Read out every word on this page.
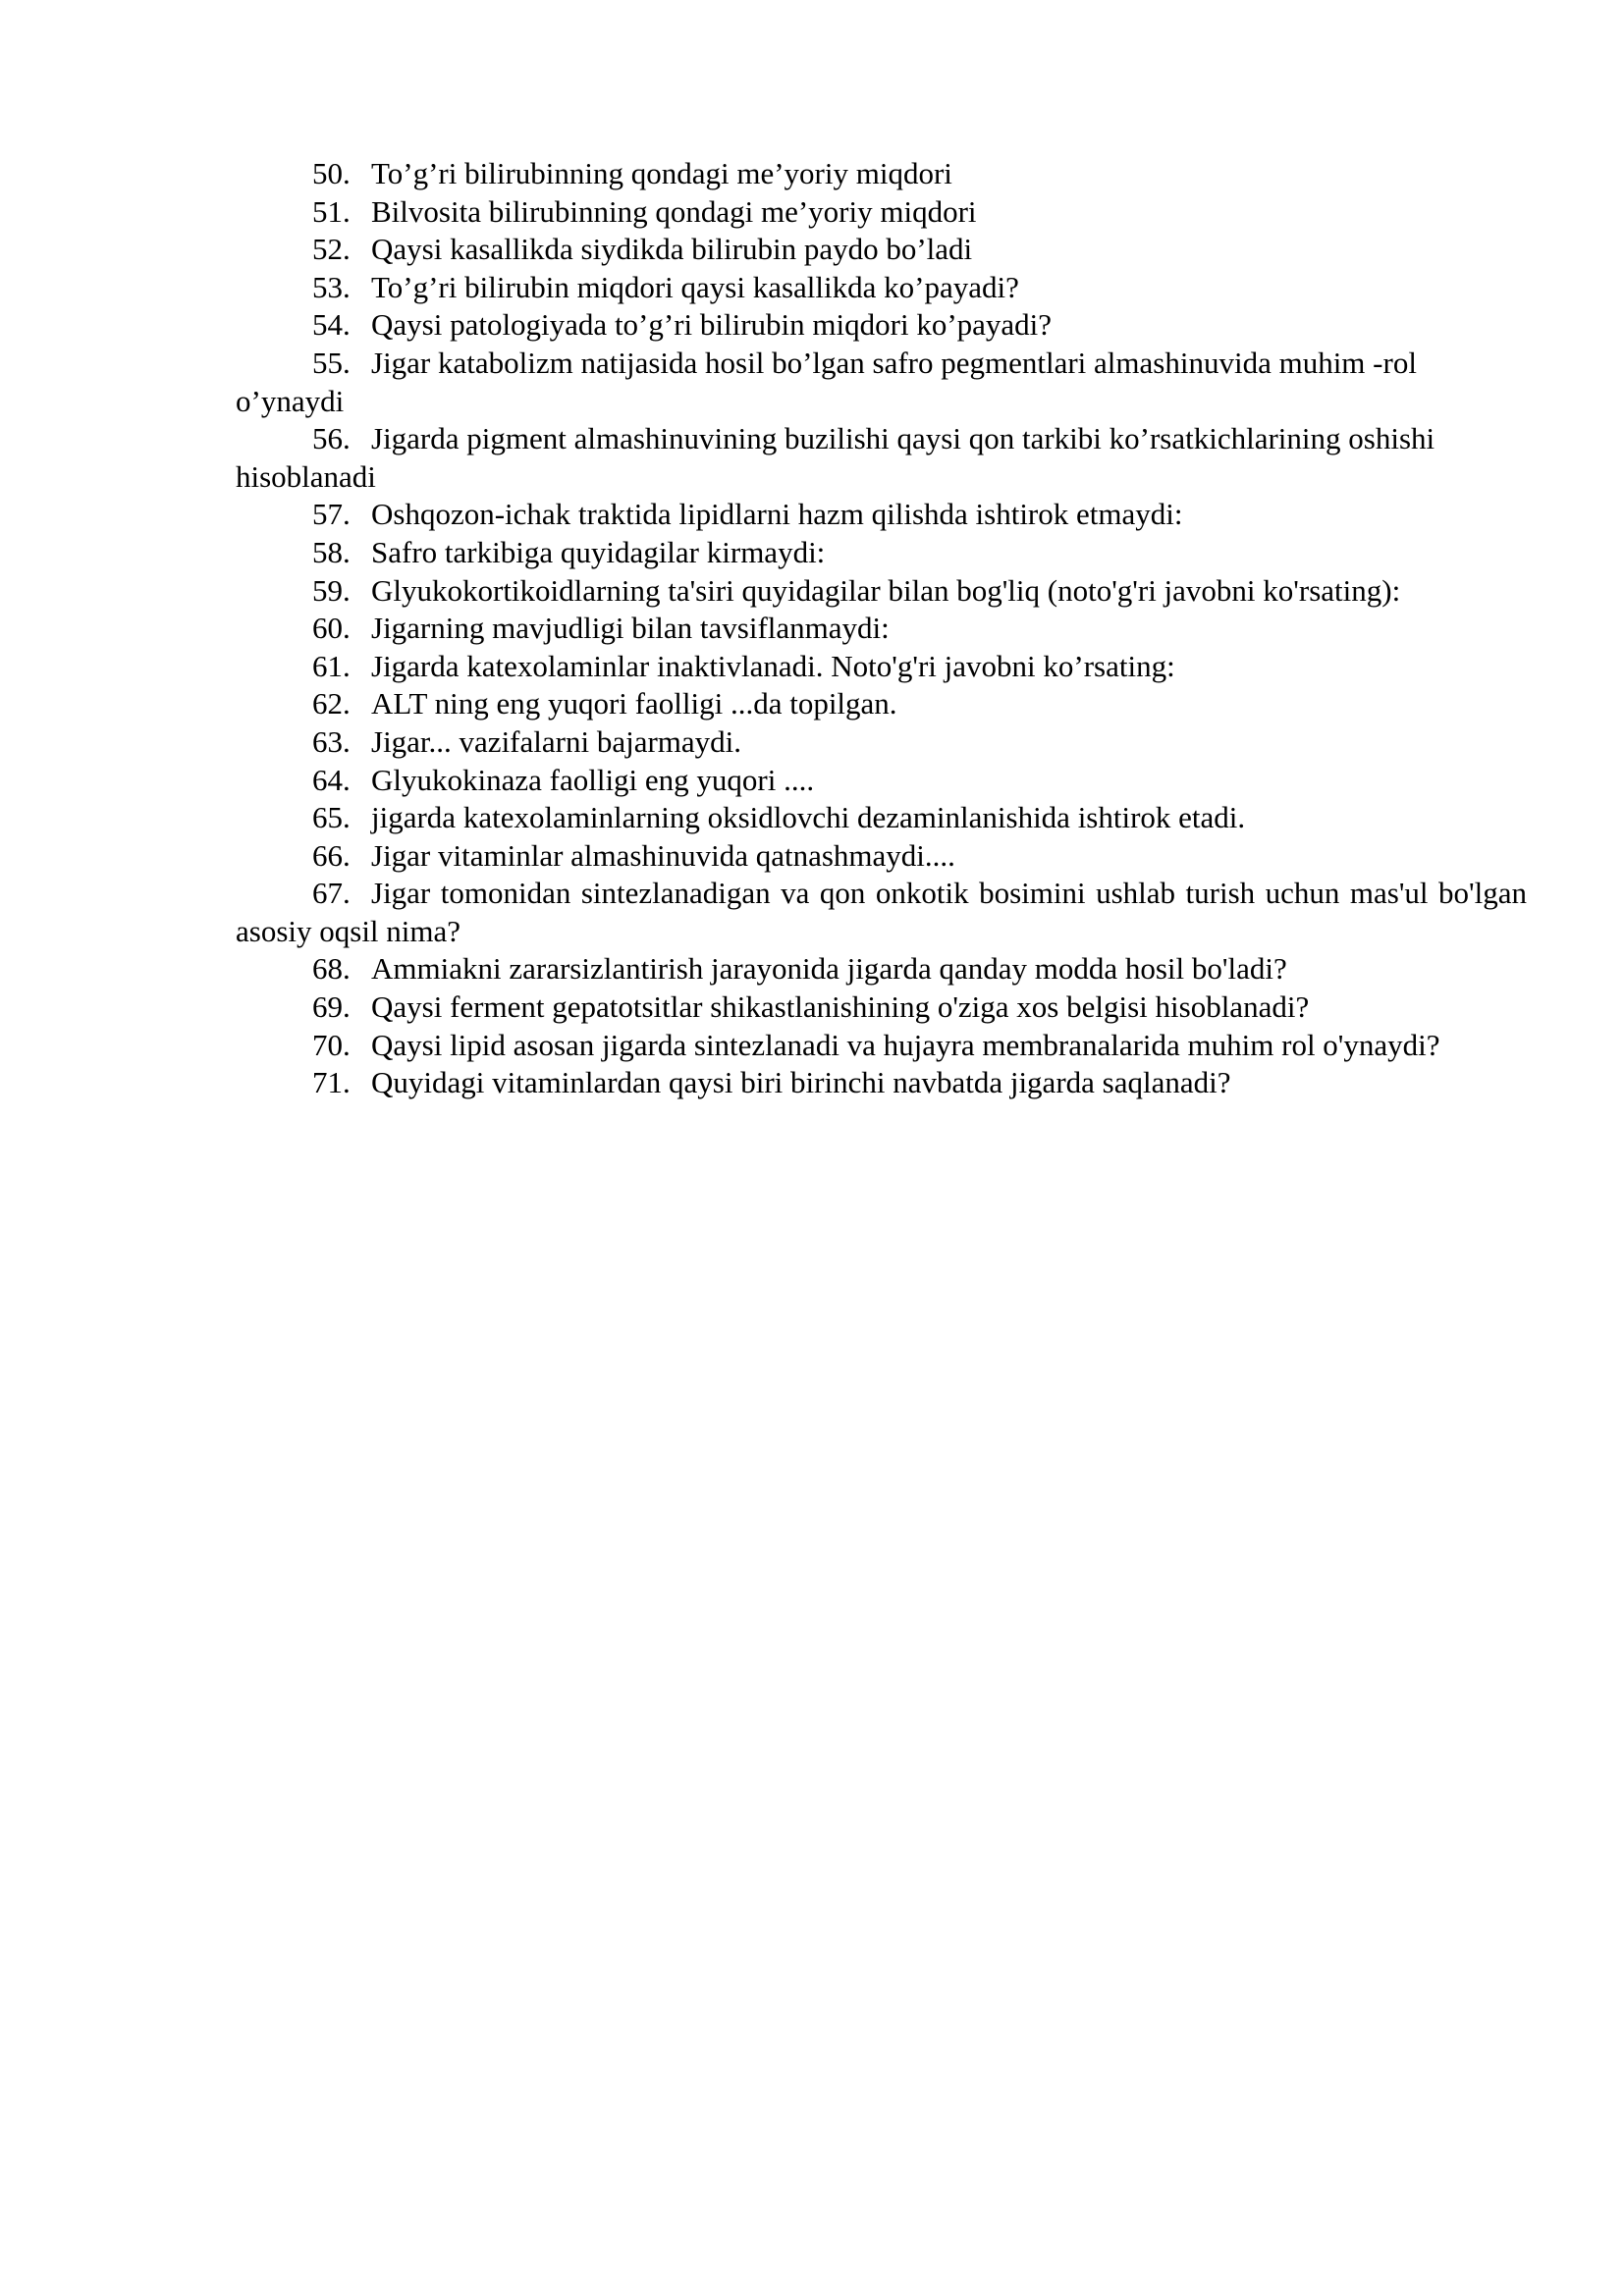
50. To’g’ri bilirubinning qondagi me’yoriy miqdori

51. Bilvosita bilirubinning qondagi me’yoriy miqdori

52. Qaysi kasallikda siydikda bilirubin paydo bo’ladi

53. To’g’ri bilirubin miqdori qaysi kasallikda ko’payadi?

54. Qaysi patologiyada to’g’ri bilirubin miqdori ko’payadi?

55. Jigar katabolizm natijasida hosil bo’lgan safro pegmentlari almashinuvida muhim -rol o’ynaydi

56. Jigarda pigment almashinuvining buzilishi qaysi qon tarkibi ko’rsatkichlarining oshishi hisoblanadi

57. Oshqozon-ichak traktida lipidlarni hazm qilishda ishtirok etmaydi:

58. Safro tarkibiga quyidagilar kirmaydi:

59. Glyukokortikoidlarning ta'siri quyidagilar bilan bog'liq (noto'g'ri javobni ko'rsating):

60. Jigarning mavjudligi bilan tavsiflanmaydi:

61. Jigarda katexolaminlar inaktivlanadi. Noto'g'ri javobni ko’rsating:

62. ALT ning eng yuqori faolligi ...da topilgan.

63. Jigar... vazifalarni bajarmaydi.

64. Glyukokinaza faolligi eng yuqori ....

65. jigarda katexolaminlarning oksidlovchi dezaminlanishida ishtirok etadi.

66. Jigar vitaminlar almashinuvida qatnashmaydi....

67. Jigar tomonidan sintezlanadigan va qon onkotik bosimini ushlab turish uchun mas'ul bo'lgan asosiy oqsil nima?

68. Ammiakni zararsizlantirish jarayonida jigarda qanday modda hosil bo'ladi?

69. Qaysi ferment gepatotsitlar shikastlanishining o'ziga xos belgisi hisoblanadi?

70. Qaysi lipid asosan jigarda sintezlanadi va hujayra membranalarida muhim rol o'ynaydi?

71. Quyidagi vitaminlardan qaysi biri birinchi navbatda jigarda saqlanadi?
